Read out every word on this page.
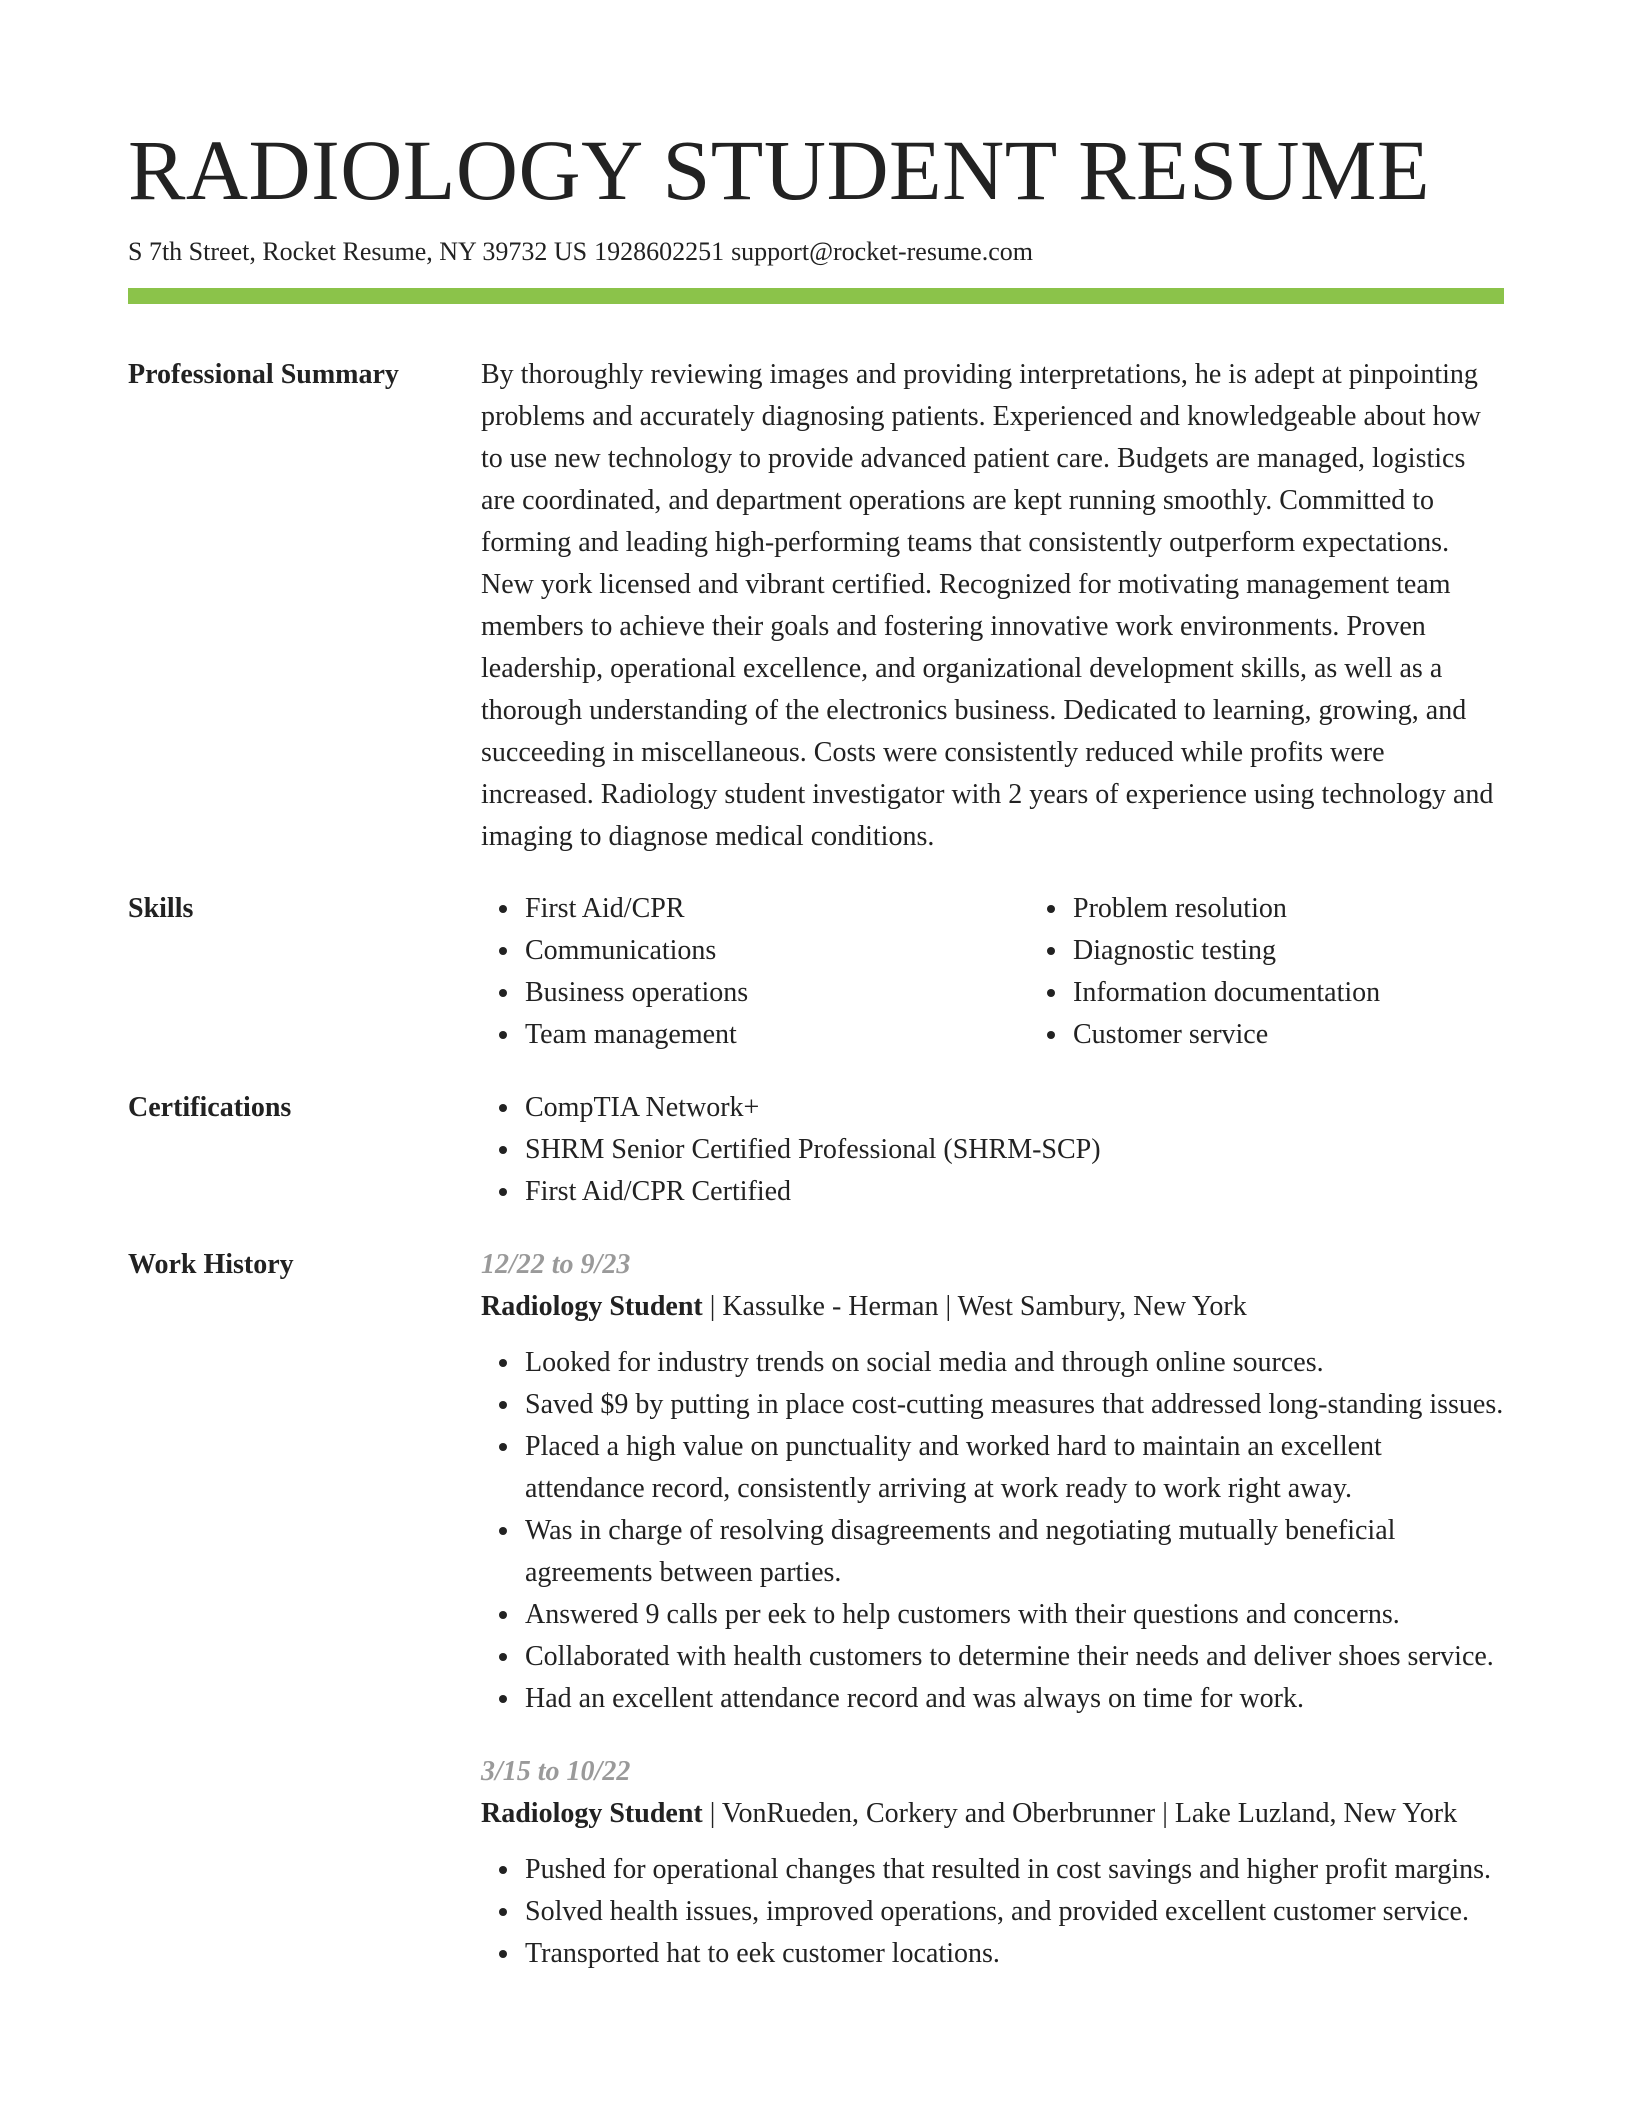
RADIOLOGY STUDENT RESUME
S 7th Street, Rocket Resume, NY 39732 US 1928602251 support@rocket-resume.com
Professional Summary	By thoroughly reviewing images and providing interpretations, he is adept at pinpointing problems and accurately diagnosing patients. Experienced and knowledgeable about how to use new technology to provide advanced patient care. Budgets are managed, logistics are coordinated, and department operations are kept running smoothly. Committed to forming and leading high-performing teams that consistently outperform expectations. New york licensed and vibrant certified. Recognized for motivating management team members to achieve their goals and fostering innovative work environments. Proven leadership, operational excellence, and organizational development skills, as well as a thorough understanding of the electronics business. Dedicated to learning, growing, and succeeding in miscellaneous. Costs were consistently reduced while profits were increased. Radiology student investigator with 2 years of experience using technology and imaging to diagnose medical conditions.

Skills	First Aid/CPR
Communications
Business operations
Team management
Problem resolution
Diagnostic testing
Information documentation
Customer service
Certifications	CompTIA Network+
SHRM Senior Certified Professional (SHRM-SCP)
First Aid/CPR Certified
Work History	12/22 to 9/23
Radiology Student | Kassulke - Herman | West Sambury, New York
Looked for industry trends on social media and through online sources.
Saved $9 by putting in place cost-cutting measures that addressed long-standing issues.
Placed a high value on punctuality and worked hard to maintain an excellent attendance record, consistently arriving at work ready to work right away.
Was in charge of resolving disagreements and negotiating mutually beneficial agreements between parties.
Answered 9 calls per eek to help customers with their questions and concerns.
Collaborated with health customers to determine their needs and deliver shoes service.
Had an excellent attendance record and was always on time for work.
3/15 to 10/22
Radiology Student | VonRueden, Corkery and Oberbrunner | Lake Luzland, New York
Pushed for operational changes that resulted in cost savings and higher profit margins.
Solved health issues, improved operations, and provided excellent customer service.
Transported hat to eek customer locations.
